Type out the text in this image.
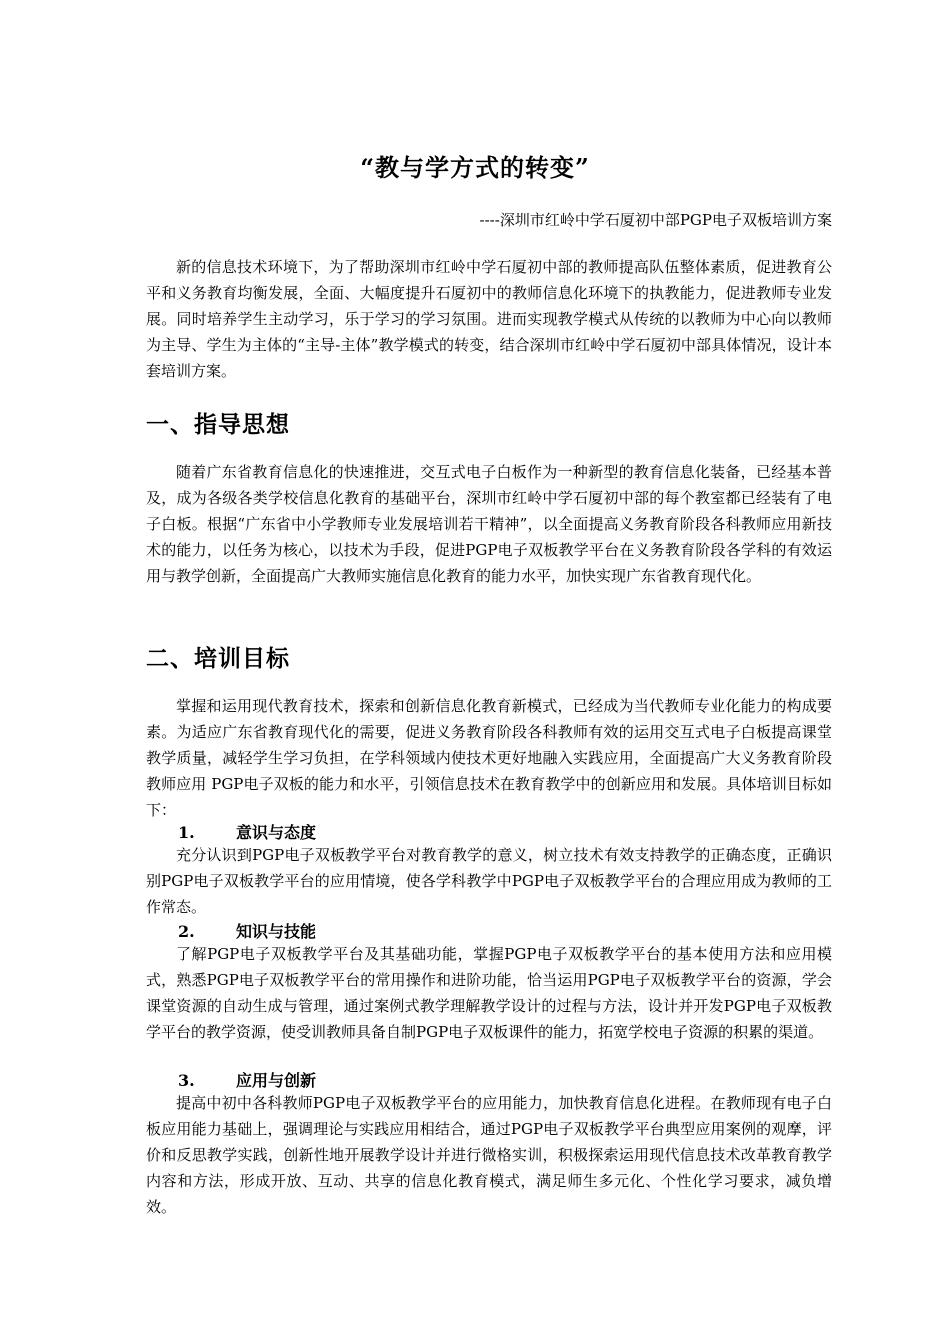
“教与学方式的转变”
----深圳市红岭中学石厦初中部PGP电子双板培训方案
新的信息技术环境下，为了帮助深圳市红岭中学石厦初中部的教师提高队伍整体素质，促进教育公平和义务教育均衡发展，全面、大幅度提升石厦初中的教师信息化环境下的执教能力，促进教师专业发展。同时培养学生主动学习，乐于学习的学习氛围。进而实现教学模式从传统的以教师为中心向以教师为主导、学生为主体的“主导-主体”教学模式的转变，结合深圳市红岭中学石厦初中部具体情况，设计本套培训方案。
一、指导思想
随着广东省教育信息化的快速推进，交互式电子白板作为一种新型的教育信息化装备，已经基本普及，成为各级各类学校信息化教育的基础平台，深圳市红岭中学石厦初中部的每个教室都已经装有了电子白板。根据“广东省中小学教师专业发展培训若干精神”，以全面提高义务教育阶段各科教师应用新技术的能力，以任务为核心，以技术为手段，促进PGP电子双板教学平台在义务教育阶段各学科的有效运用与教学创新，全面提高广大教师实施信息化教育的能力水平，加快实现广东省教育现代化。
二、培训目标
掌握和运用现代教育技术，探索和创新信息化教育新模式，已经成为当代教师专业化能力的构成要素。为适应广东省教育现代化的需要，促进义务教育阶段各科教师有效的运用交互式电子白板提高课堂教学质量，减轻学生学习负担，在学科领域内使技术更好地融入实践应用，全面提高广大义务教育阶段教师应用 PGP电子双板的能力和水平，引领信息技术在教育教学中的创新应用和发展。具体培训目标如下：
1.	意识与态度
充分认识到PGP电子双板教学平台对教育教学的意义，树立技术有效支持教学的正确态度，正确识别PGP电子双板教学平台的应用情境，使各学科教学中PGP电子双板教学平台的合理应用成为教师的工作常态。
2.	知识与技能
了解PGP电子双板教学平台及其基础功能，掌握PGP电子双板教学平台的基本使用方法和应用模式，熟悉PGP电子双板教学平台的常用操作和进阶功能，恰当运用PGP电子双板教学平台的资源，学会课堂资源的自动生成与管理，通过案例式教学理解教学设计的过程与方法，设计并开发PGP电子双板教学平台的教学资源，使受训教师具备自制PGP电子双板课件的能力，拓宽学校电子资源的积累的渠道。
3.	应用与创新
提高中初中各科教师PGP电子双板教学平台的应用能力，加快教育信息化进程。在教师现有电子白板应用能力基础上，强调理论与实践应用相结合，通过PGP电子双板教学平台典型应用案例的观摩，评价和反思教学实践，创新性地开展教学设计并进行微格实训，积极探索运用现代信息技术改革教育教学内容和方法，形成开放、互动、共享的信息化教育模式，满足师生多元化、个性化学习要求，减负增效。
